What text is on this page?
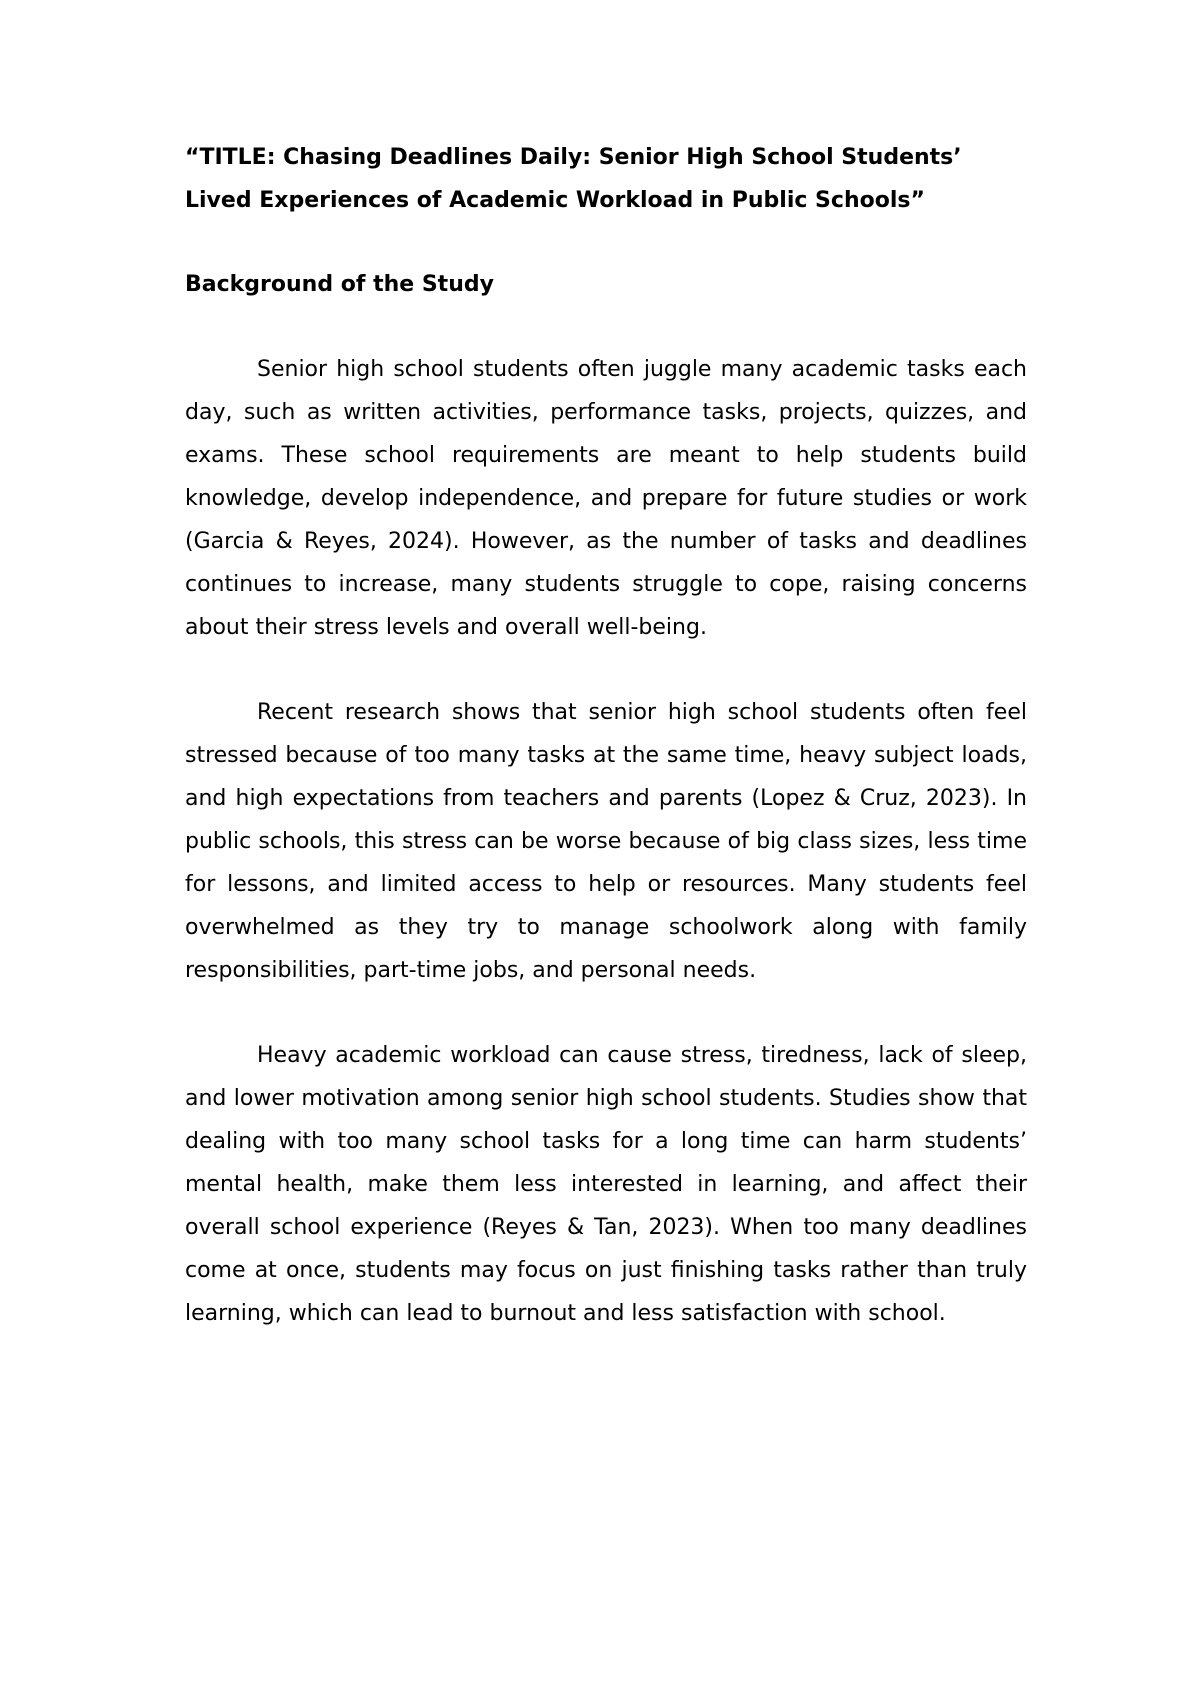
“TITLE: Chasing Deadlines Daily: Senior High School Students’ Lived Experiences of Academic Workload in Public Schools”
Background of the Study

Senior high school students often juggle many academic tasks each day, such as written activities, performance tasks, projects, quizzes, and exams. These school requirements are meant to help students build knowledge, develop independence, and prepare for future studies or work (Garcia & Reyes, 2024). However, as the number of tasks and deadlines continues to increase, many students struggle to cope, raising concerns about their stress levels and overall well-being.

Recent research shows that senior high school students often feel stressed because of too many tasks at the same time, heavy subject loads, and high expectations from teachers and parents (Lopez & Cruz, 2023). In public schools, this stress can be worse because of big class sizes, less time for lessons, and limited access to help or resources. Many students feel overwhelmed as they try to manage schoolwork along with family responsibilities, part-time jobs, and personal needs.

Heavy academic workload can cause stress, tiredness, lack of sleep, and lower motivation among senior high school students. Studies show that dealing with too many school tasks for a long time can harm students’ mental health, make them less interested in learning, and affect their overall school experience (Reyes & Tan, 2023). When too many deadlines come at once, students may focus on just finishing tasks rather than truly learning, which can lead to burnout and less satisfaction with school.
